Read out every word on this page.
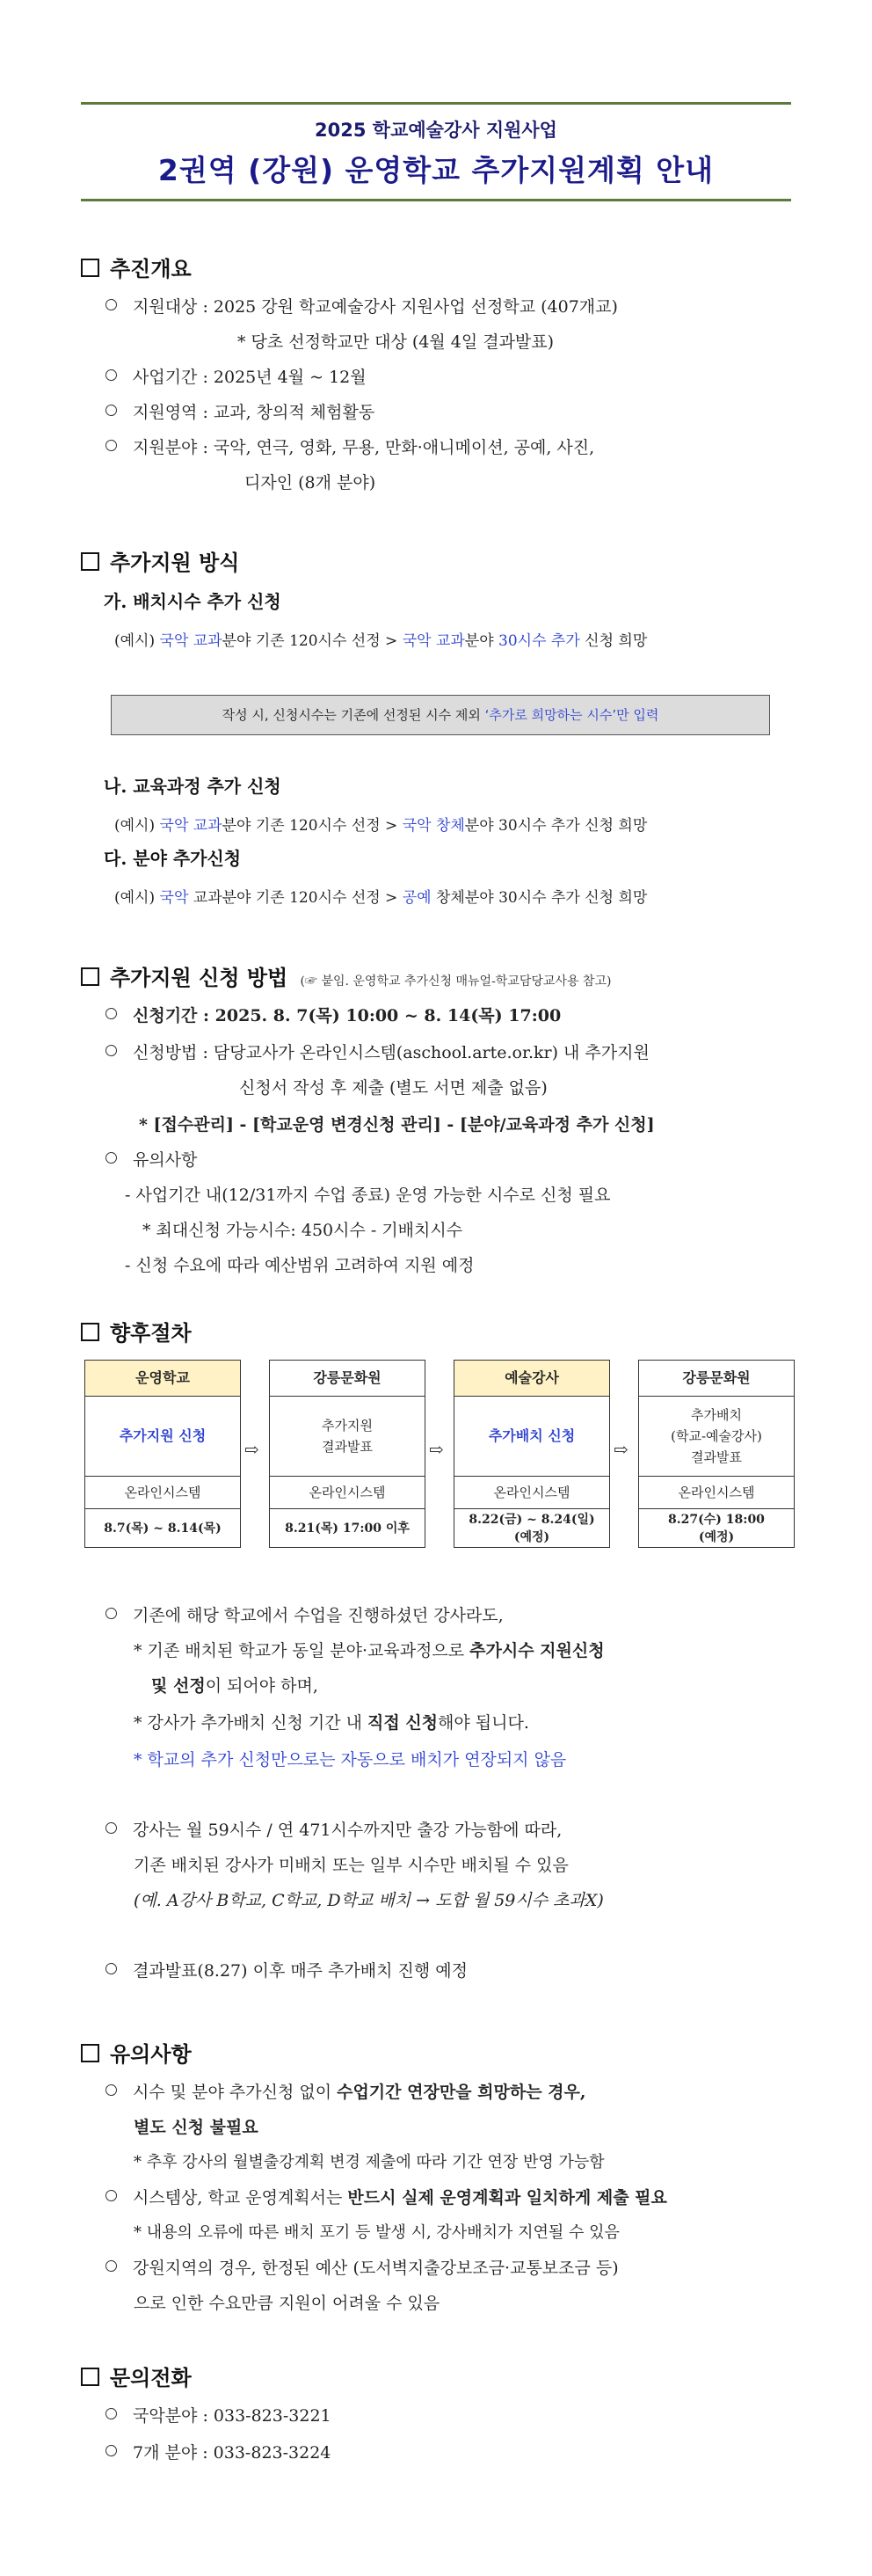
2025 학교예술강사 지원사업
2권역 (강원) 운영학교 추가지원계획 안내
추진개요
지원대상 : 2025 강원 학교예술강사 지원사업 선정학교 (407개교)
* 당초 선정학교만 대상 (4월 4일 결과발표)
사업기간 : 2025년 4월 ~ 12월
지원영역 : 교과, 창의적 체험활동
지원분야 : 국악, 연극, 영화, 무용, 만화·애니메이션, 공예, 사진,
디자인 (8개 분야)
추가지원 방식
가. 배치시수 추가 신청
(예시) 국악 교과분야 기존 120시수 선정 > 국악 교과분야 30시수 추가 신청 희망
작성 시, 신청시수는 기존에 선정된 시수 제외 ‘추가로 희망하는 시수’만 입력
나. 교육과정 추가 신청
(예시) 국악 교과분야 기존 120시수 선정 > 국악 창체분야 30시수 추가 신청 희망
다. 분야 추가신청
(예시) 국악 교과분야 기존 120시수 선정 > 공예 창체분야 30시수 추가 신청 희망
추가지원 신청 방법 (☞ 붙임. 운영학교 추가신청 매뉴얼-학교담당교사용 참고)
신청기간 : 2025. 8. 7(목) 10:00 ~ 8. 14(목) 17:00
신청방법 : 담당교사가 온라인시스템(aschool.arte.or.kr) 내 추가지원
신청서 작성 후 제출 (별도 서면 제출 없음)
* [접수관리] - [학교운영 변경신청 관리] - [분야/교육과정 추가 신청]
유의사항
- 사업기간 내(12/31까지 수업 종료) 운영 가능한 시수로 신청 필요
* 최대신청 가능시수: 450시수 - 기배치시수
- 신청 수요에 따라 예산범위 고려하여 지원 예정
향후절차
운영학교
추가지원 신청
온라인시스템
8.7(목) ~ 8.14(목)
⇨
강릉문화원
추가지원
결과발표
온라인시스템
8.21(목) 17:00 이후
⇨
예술강사
추가배치 신청
온라인시스템
8.22(금) ~ 8.24(일)
(예정)
⇨
강릉문화원
추가배치
(학교-예술강사)
결과발표
온라인시스템
8.27(수) 18:00
(예정)
기존에 해당 학교에서 수업을 진행하셨던 강사라도,
* 기존 배치된 학교가 동일 분야·교육과정으로 추가시수 지원신청
및 선정이 되어야 하며,
* 강사가 추가배치 신청 기간 내 직접 신청해야 됩니다.
* 학교의 추가 신청만으로는 자동으로 배치가 연장되지 않음
강사는 월 59시수 / 연 471시수까지만 출강 가능함에 따라,
기존 배치된 강사가 미배치 또는 일부 시수만 배치될 수 있음
(예. A강사 B학교, C학교, D학교 배치 → 도합 월 59시수 초과X)
결과발표(8.27) 이후 매주 추가배치 진행 예정
유의사항
시수 및 분야 추가신청 없이 수업기간 연장만을 희망하는 경우,
별도 신청 불필요
* 추후 강사의 월별출강계획 변경 제출에 따라 기간 연장 반영 가능함
시스템상, 학교 운영계획서는 반드시 실제 운영계획과 일치하게 제출 필요
* 내용의 오류에 따른 배치 포기 등 발생 시, 강사배치가 지연될 수 있음
강원지역의 경우, 한정된 예산 (도서벽지출강보조금·교통보조금 등)
으로 인한 수요만큼 지원이 어려울 수 있음
문의전화
국악분야 : 033-823-3221
7개 분야 : 033-823-3224
